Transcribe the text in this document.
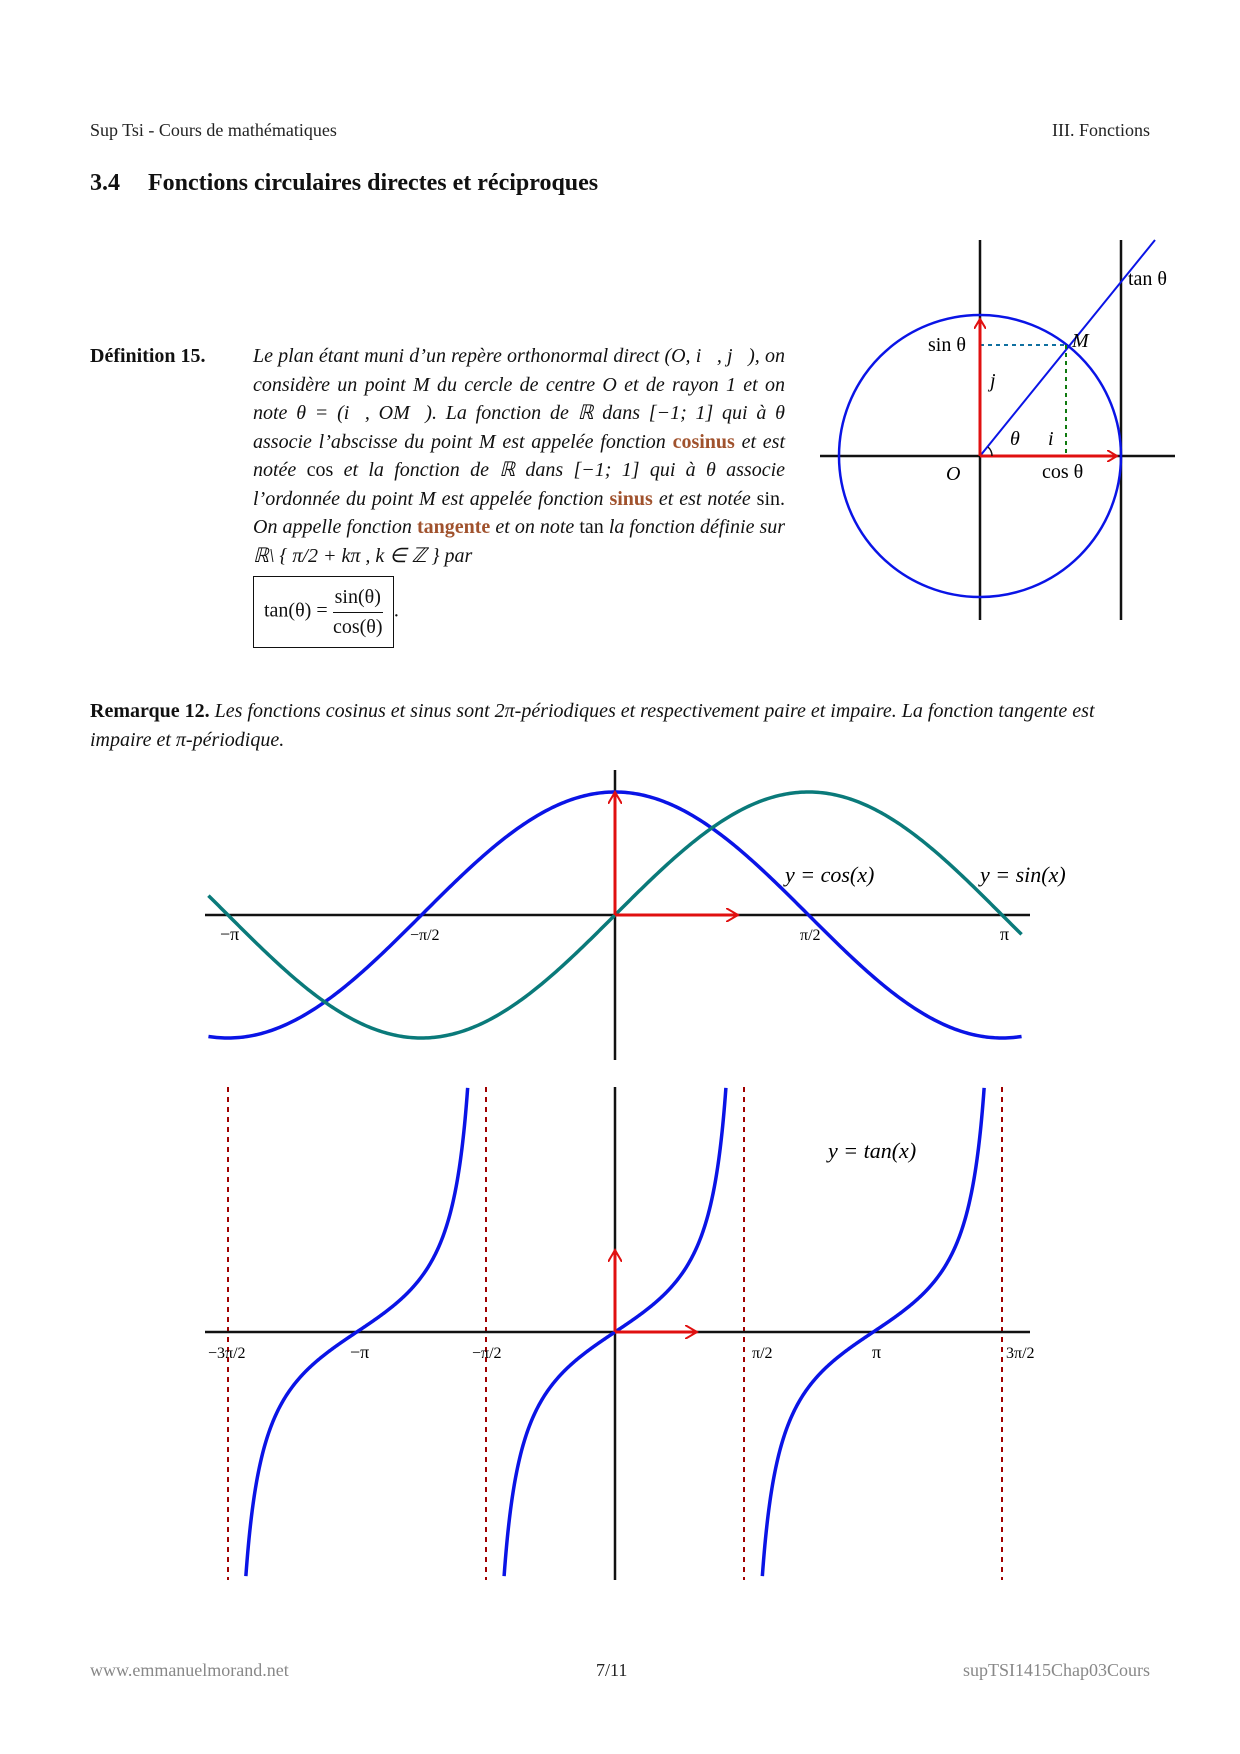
Sup Tsi - Cours de mathématiques	III. Fonctions
3.4 Fonctions circulaires directes et réciproques
Définition 15. Le plan étant muni d’un repère orthonormal direct (O, i⃗, j⃗), on considère un point M du cercle de centre O et de rayon 1 et on note θ = (i⃗, OM⃗). La fonction de ℝ dans [−1; 1] qui à θ associe l’abscisse du point M est appelée fonction cosinus et est notée cos et la fonction de ℝ dans [−1; 1] qui à θ associe l’ordonnée du point M est appelée fonction sinus et est notée sin. On appelle fonction tangente et on note tan la fonction définie sur ℝ\ { π/2 + kπ , k ∈ ℤ } par
$\tan(\theta) = \frac{\sin(\theta)}{\cos(\theta)}$ .
tan θ
sin θ	M
j⃗
θ i⃗
O	cos θ
Remarque 12. Les fonctions cosinus et sinus sont 2π-périodiques et respectivement paire et impaire. La fonction tangente est impaire et π-périodique.
−π	−π/2	π/2	π
y = cos(x)	y = sin(x)
−3π/2	−π	−π/2	π/2	π	3π/2
y = tan(x)
www.emmanuelmorand.net	7/11	supTSI1415Chap03Cours
